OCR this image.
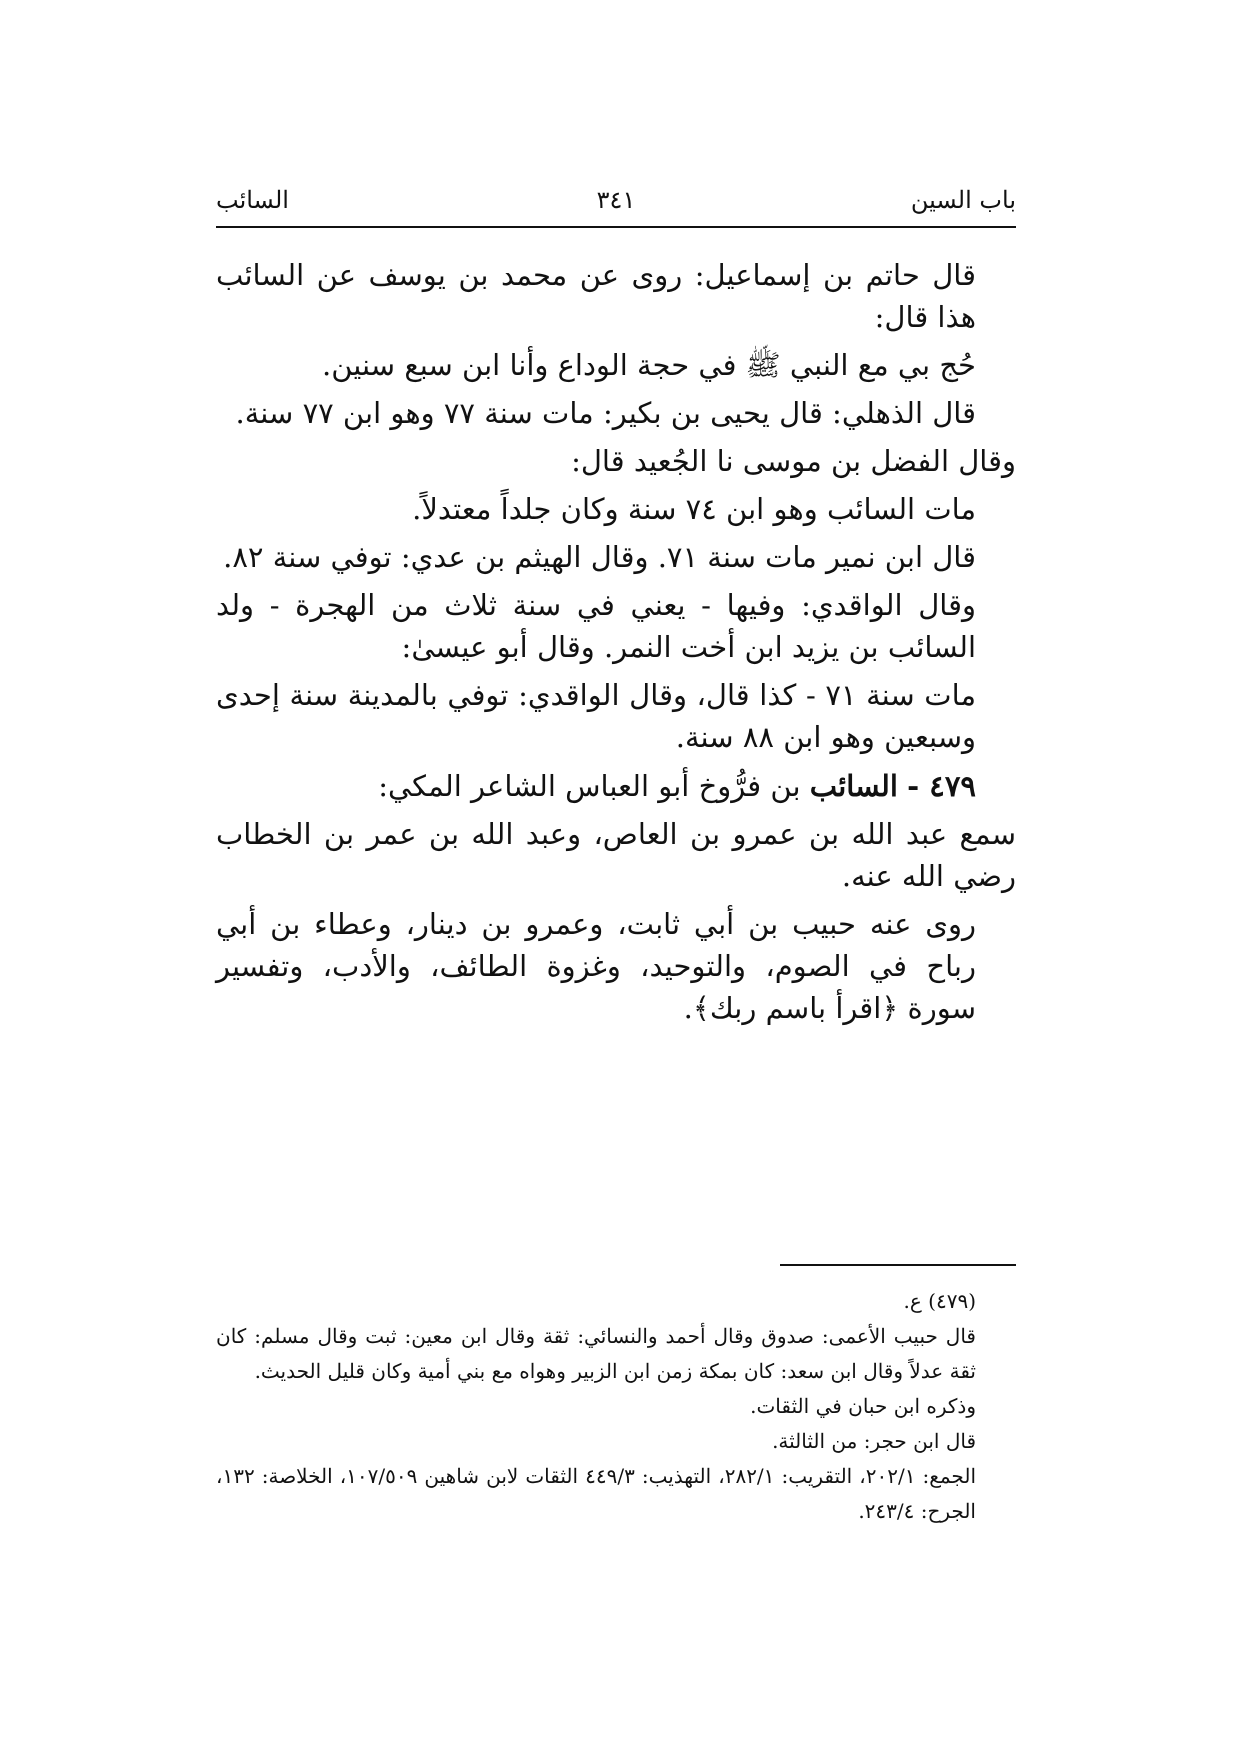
باب السين
٣٤١
السائب

قال حاتم بن إسماعيل: روى عن محمد بن يوسف عن السائب هذا قال:

حُج بي مع النبي ﷺ في حجة الوداع وأنا ابن سبع سنين.

قال الذهلي: قال يحيى بن بكير: مات سنة ٧٧ وهو ابن ٧٧ سنة.

وقال الفضل بن موسى نا الجُعيد قال:

مات السائب وهو ابن ٧٤ سنة وكان جلداً معتدلاً.

قال ابن نمير مات سنة ٧١. وقال الهيثم بن عدي: توفي سنة ٨٢.

وقال الواقدي: وفيها - يعني في سنة ثلاث من الهجرة - ولد السائب بن يزيد ابن أخت النمر. وقال أبو عيسىٰ:

مات سنة ٧١ - كذا قال، وقال الواقدي: توفي بالمدينة سنة إحدى وسبعين وهو ابن ٨٨ سنة.

٤٧٩ - السائب بن فرُّوخ أبو العباس الشاعر المكي:

سمع عبد الله بن عمرو بن العاص، وعبد الله بن عمر بن الخطاب رضي الله عنه.

روى عنه حبيب بن أبي ثابت، وعمرو بن دينار، وعطاء بن أبي رباح في الصوم، والتوحيد، وغزوة الطائف، والأدب، وتفسير سورة ﴿اقرأ باسم ربك﴾.

(٤٧٩) ع.

قال حبيب الأعمى: صدوق وقال أحمد والنسائي: ثقة وقال ابن معين: ثبت وقال مسلم: كان ثقة عدلاً وقال ابن سعد: كان بمكة زمن ابن الزبير وهواه مع بني أمية وكان قليل الحديث.

وذكره ابن حبان في الثقات.

قال ابن حجر: من الثالثة.

الجمع: ٢٠٢/١، التقريب: ٢٨٢/١، التهذيب: ٤٤٩/٣ الثقات لابن شاهين ١٠٧/٥٠٩، الخلاصة: ١٣٢، الجرح: ٢٤٣/٤.
